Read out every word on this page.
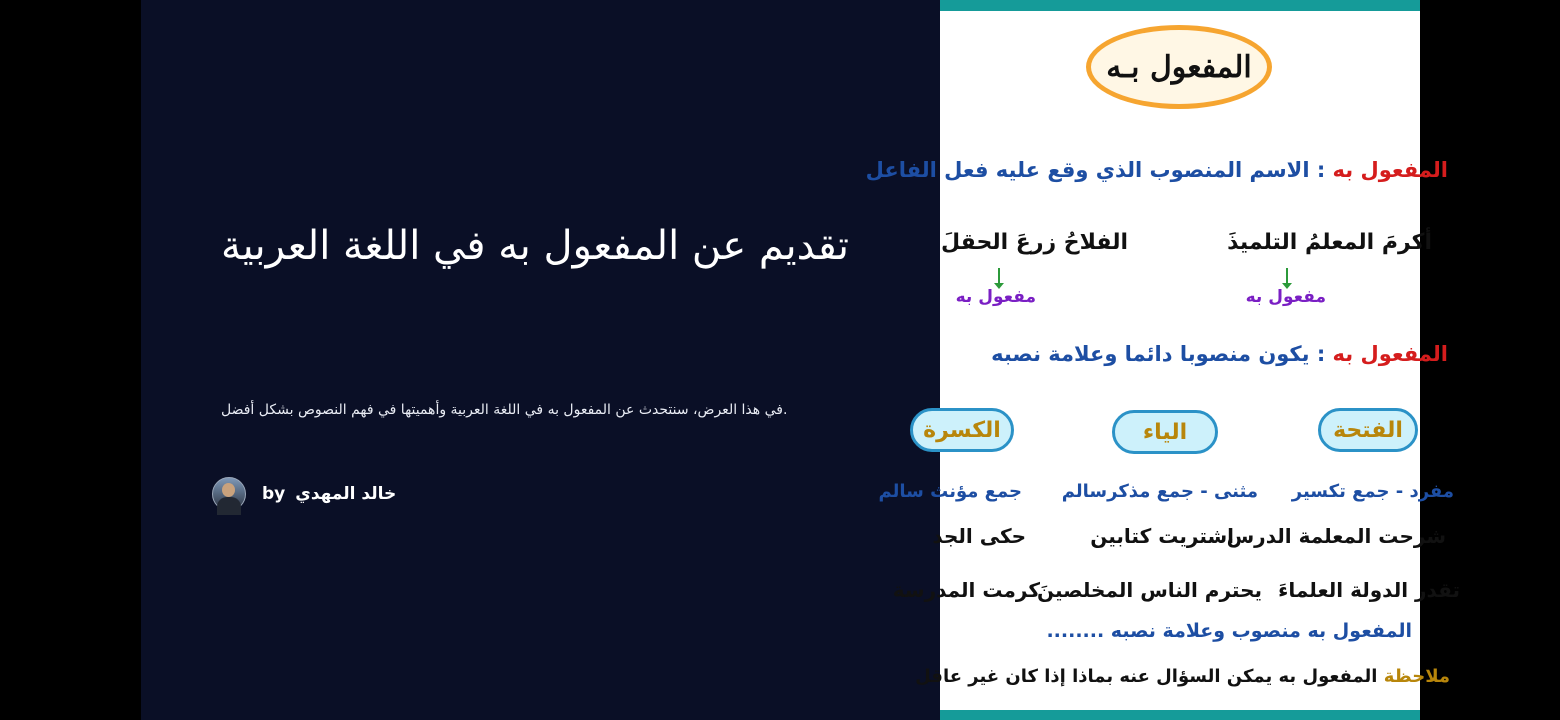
تقديم عن المفعول به في اللغة العربية

في هذا العرض، سنتحدث عن المفعول به في اللغة العربية وأهميتها في فهم النصوص بشكل أفضل.

by خالد المهدي
المفعول بـه
المفعول به : الاسم المنصوب الذي وقع عليه فعل الفاعل
أكرمَ المعلمُ التلميذَ
الفلاحُ زرعَ الحقلَ
مفعول به
مفعول به
المفعول به : يكون منصوبا دائما وعلامة نصبه
الفتحة
الياء
الكسرة
مفرد - جمع تكسير
مثنى - جمع مذكرسالم
جمع مؤنث سالم
شرحت المعلمة الدرس
اشتريت كتابين
حكى الجد
تقدر الدولة العلماءَ
يحترم الناس المخلصينَ
كرمت المدرسة
المفعول به منصوب وعلامة نصبه ........
ملاحظة المفعول به يمكن السؤال عنه بماذا إذا كان غير عاقل
